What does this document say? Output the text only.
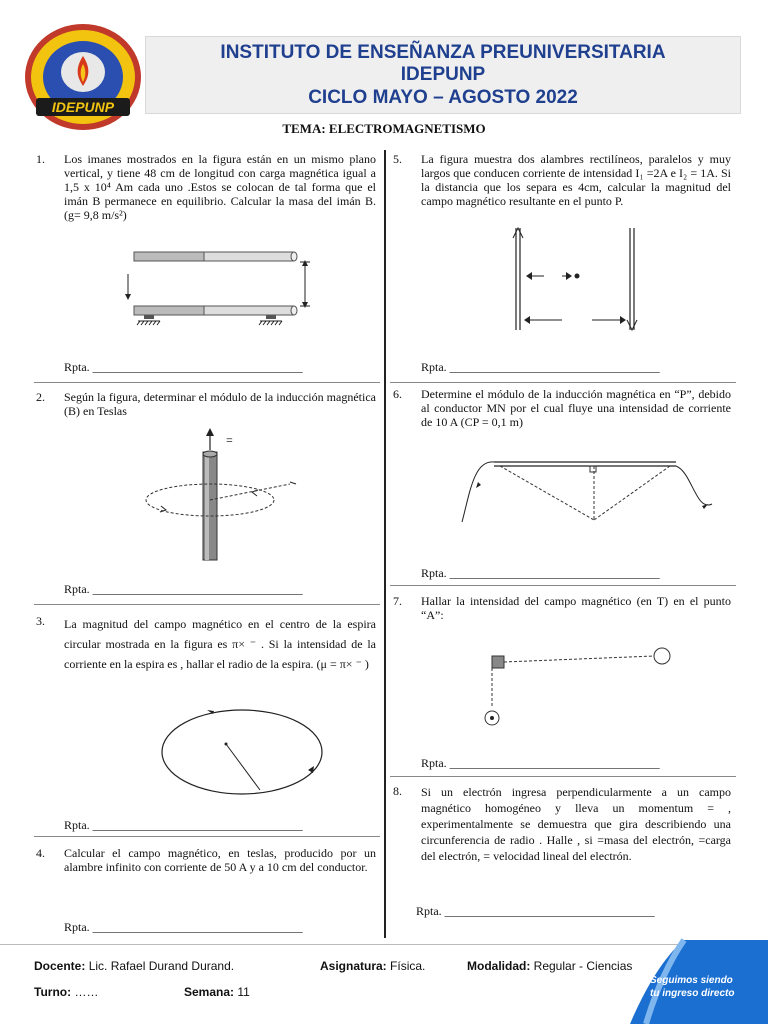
IDEPUNP
INSTITUTO DE ENSEÑANZA PREUNIVERSITARIA
IDEPUNP
CICLO MAYO – AGOSTO 2022
TEMA: ELECTROMAGNETISMO
1. Los imanes mostrados en la figura están en un mismo plano vertical, y tiene 48 cm de longitud con carga magnética igual a 1,5 x 10⁴ Am cada uno .Estos se colocan de tal forma que el imán B permanece en equilibrio. Calcular la masa del imán B. (g= 9,8 m/s²)
Rpta. ___________________________________
2. Según la figura, determinar el módulo de la inducción magnética (B) en Teslas
=
Rpta. ___________________________________
3. La magnitud del campo magnético en el centro de la espira circular mostrada en la figura es π× ⁻ . Si la intensidad de la corriente en la espira es , hallar el radio de la espira. (μ = π× ⁻ )
Rpta. ___________________________________
4. Calcular el campo magnético, en teslas, producido por un alambre infinito con corriente de 50 A y a 10 cm del conductor.
Rpta. ___________________________________
5. La figura muestra dos alambres rectilíneos, paralelos y muy largos que conducen corriente de intensidad I₁ =2A e I₂ = 1A. Si la distancia que los separa es 4cm, calcular la magnitud del campo magnético resultante en el punto P.
Rpta. ___________________________________
6. Determine el módulo de la inducción magnética en “P”, debido al conductor MN por el cual fluye una intensidad de corriente de 10 A (CP = 0,1 m)
Rpta. ___________________________________
7. Hallar la intensidad del campo magnético (en T) en el punto “A”:
Rpta. ___________________________________
8. Si un electrón ingresa perpendicularmente a un campo magnético homogéneo y lleva un momentum = , experimentalmente se demuestra que gira describiendo una circunferencia de radio . Halle , si =masa del electrón, =carga del electrón, = velocidad lineal del electrón.
Rpta. ___________________________________
Docente: Lic. Rafael Durand Durand.	Asignatura: Física.	Modalidad: Regular - Ciencias
Turno: ……	Semana: 11
Seguimos siendo
tu ingreso directo
